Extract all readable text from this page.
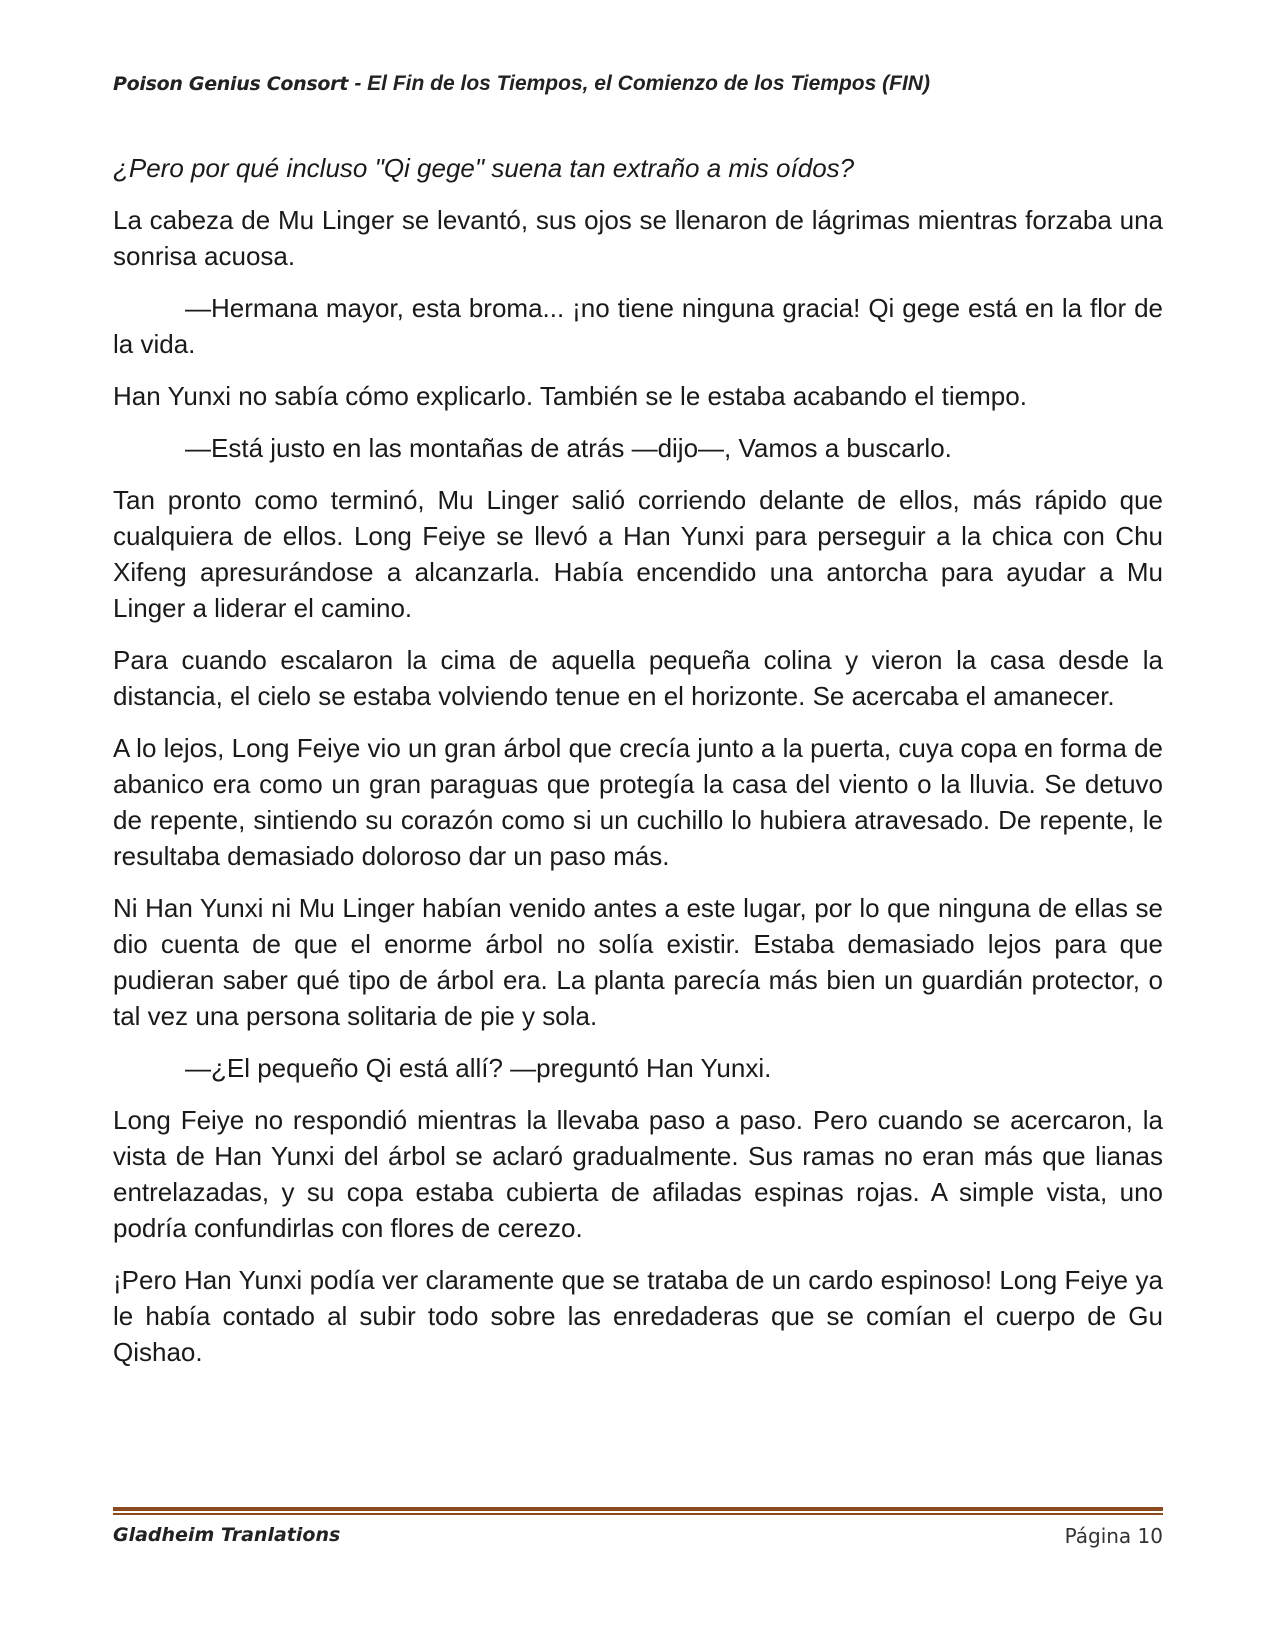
Poison Genius Consort - El Fin de los Tiempos, el Comienzo de los Tiempos (FIN)

¿Pero por qué incluso "Qi gege" suena tan extraño a mis oídos?

La cabeza de Mu Linger se levantó, sus ojos se llenaron de lágrimas mientras forzaba una sonrisa acuosa.

—Hermana mayor, esta broma... ¡no tiene ninguna gracia! Qi gege está en la flor de la vida.

Han Yunxi no sabía cómo explicarlo. También se le estaba acabando el tiempo.

—Está justo en las montañas de atrás —dijo—, Vamos a buscarlo.

Tan pronto como terminó, Mu Linger salió corriendo delante de ellos, más rápido que cualquiera de ellos. Long Feiye se llevó a Han Yunxi para perseguir a la chica con Chu Xifeng apresurándose a alcanzarla. Había encendido una antorcha para ayudar a Mu Linger a liderar el camino.

Para cuando escalaron la cima de aquella pequeña colina y vieron la casa desde la distancia, el cielo se estaba volviendo tenue en el horizonte. Se acercaba el amanecer.

A lo lejos, Long Feiye vio un gran árbol que crecía junto a la puerta, cuya copa en forma de abanico era como un gran paraguas que protegía la casa del viento o la lluvia. Se detuvo de repente, sintiendo su corazón como si un cuchillo lo hubiera atravesado. De repente, le resultaba demasiado doloroso dar un paso más.

Ni Han Yunxi ni Mu Linger habían venido antes a este lugar, por lo que ninguna de ellas se dio cuenta de que el enorme árbol no solía existir. Estaba demasiado lejos para que pudieran saber qué tipo de árbol era. La planta parecía más bien un guardián protector, o tal vez una persona solitaria de pie y sola.

—¿El pequeño Qi está allí? —preguntó Han Yunxi.

Long Feiye no respondió mientras la llevaba paso a paso. Pero cuando se acercaron, la vista de Han Yunxi del árbol se aclaró gradualmente. Sus ramas no eran más que lianas entrelazadas, y su copa estaba cubierta de afiladas espinas rojas. A simple vista, uno podría confundirlas con flores de cerezo.

¡Pero Han Yunxi podía ver claramente que se trataba de un cardo espinoso! Long Feiye ya le había contado al subir todo sobre las enredaderas que se comían el cuerpo de Gu Qishao.

Gladheim Tranlations	Página 10
